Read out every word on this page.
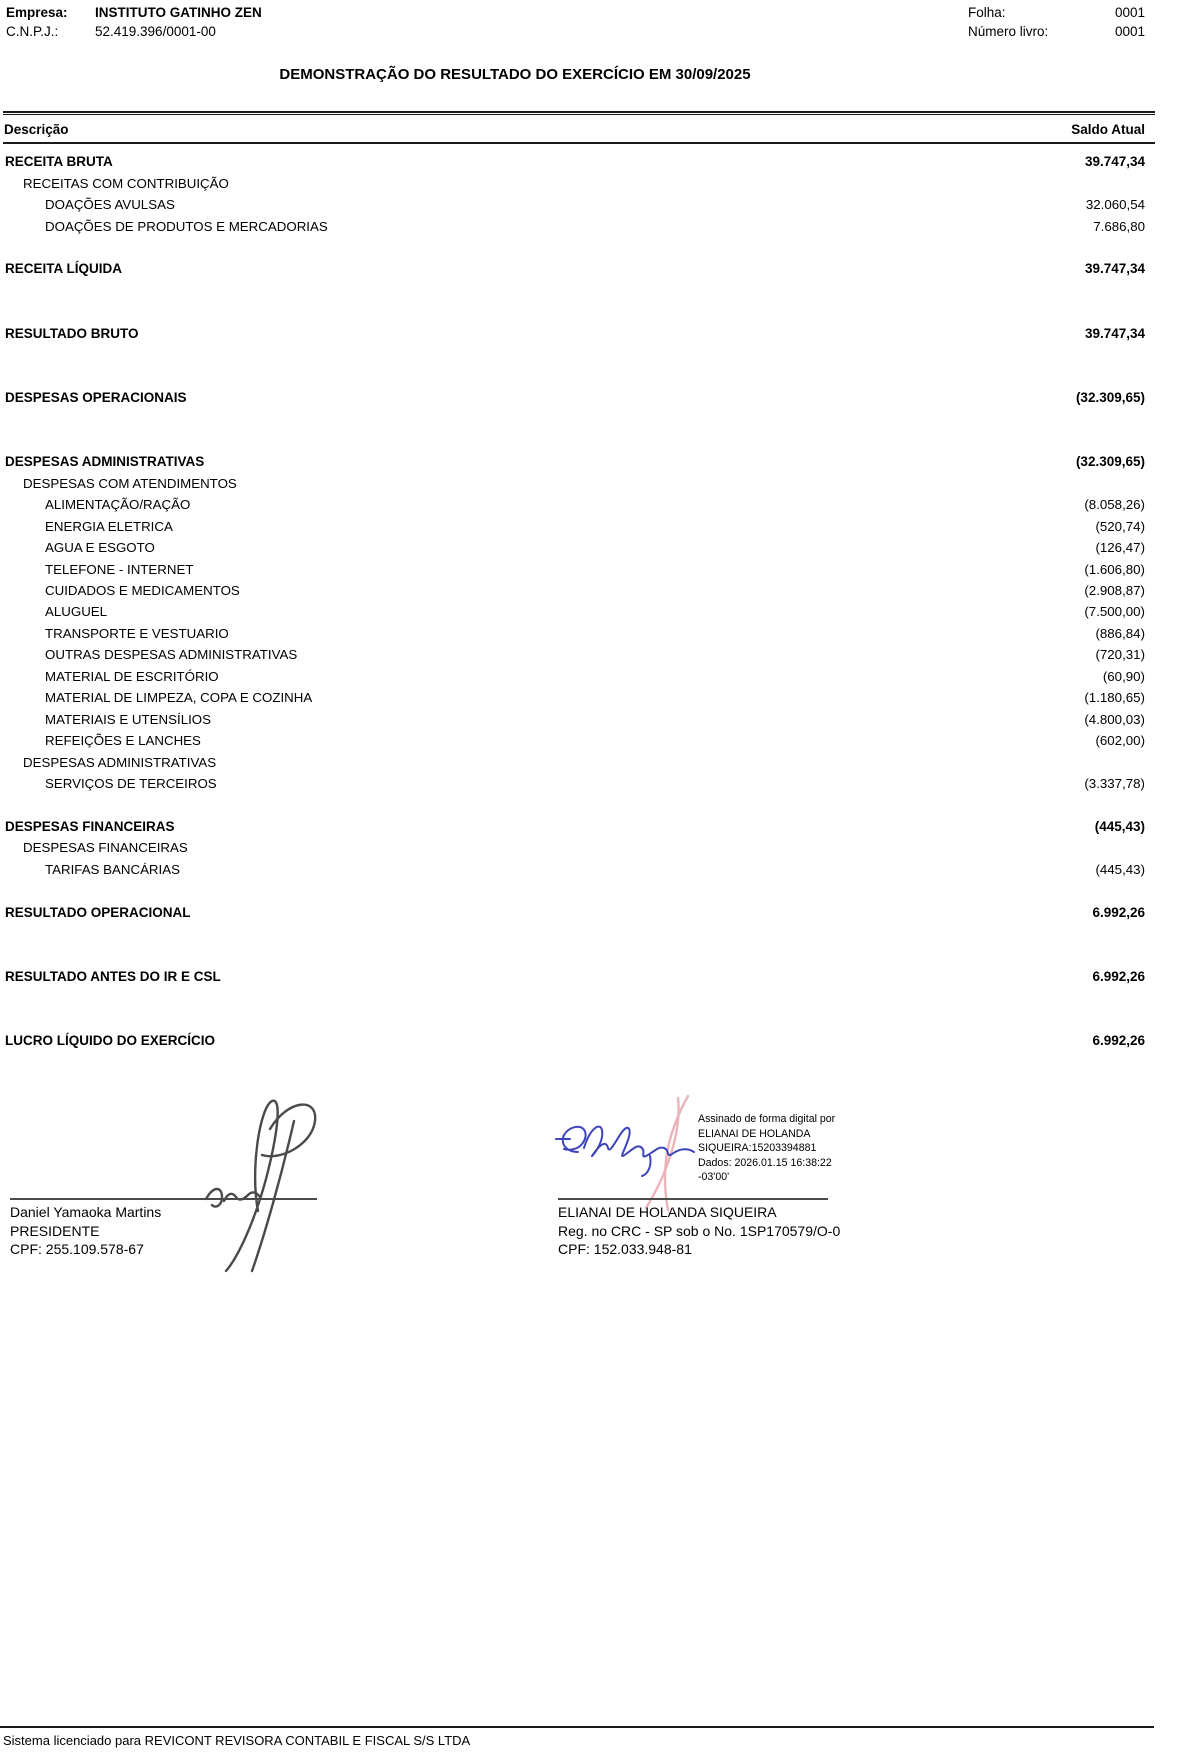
Empresa: INSTITUTO GATINHO ZEN
C.N.P.J.:	52.419.396/0001-00
Folha:	0001
Número livro:	0001
DEMONSTRAÇÃO DO RESULTADO DO EXERCÍCIO EM 30/09/2025
Descrição	Saldo Atual
RECEITA BRUTA	39.747,34
RECEITAS COM CONTRIBUIÇÃO
DOAÇÕES AVULSAS	32.060,54
DOAÇÕES DE PRODUTOS E MERCADORIAS	7.686,80
RECEITA LÍQUIDA	39.747,34
RESULTADO BRUTO	39.747,34
DESPESAS OPERACIONAIS	(32.309,65)
DESPESAS ADMINISTRATIVAS	(32.309,65)
DESPESAS COM ATENDIMENTOS
ALIMENTAÇÃO/RAÇÃO	(8.058,26)
ENERGIA ELETRICA	(520,74)
AGUA E ESGOTO	(126,47)
TELEFONE - INTERNET	(1.606,80)
CUIDADOS E MEDICAMENTOS	(2.908,87)
ALUGUEL	(7.500,00)
TRANSPORTE E VESTUARIO	(886,84)
OUTRAS DESPESAS ADMINISTRATIVAS	(720,31)
MATERIAL DE ESCRITÓRIO	(60,90)
MATERIAL DE LIMPEZA, COPA E COZINHA	(1.180,65)
MATERIAIS E UTENSÍLIOS	(4.800,03)
REFEIÇÕES E LANCHES	(602,00)
DESPESAS ADMINISTRATIVAS
SERVIÇOS DE TERCEIROS	(3.337,78)
DESPESAS FINANCEIRAS	(445,43)
DESPESAS FINANCEIRAS
TARIFAS BANCÁRIAS	(445,43)
RESULTADO OPERACIONAL	6.992,26
RESULTADO ANTES DO IR E CSL	6.992,26
LUCRO LÍQUIDO DO EXERCÍCIO	6.992,26
Assinado de forma digital por
ELIANAI DE HOLANDA
SIQUEIRA:15203394881
Dados: 2026.01.15 16:38:22
-03'00'
Daniel Yamaoka Martins
PRESIDENTE
CPF: 255.109.578-67
ELIANAI DE HOLANDA SIQUEIRA
Reg. no CRC - SP sob o No. 1SP170579/O-0
CPF: 152.033.948-81
Sistema licenciado para REVICONT REVISORA CONTABIL E FISCAL S/S LTDA
